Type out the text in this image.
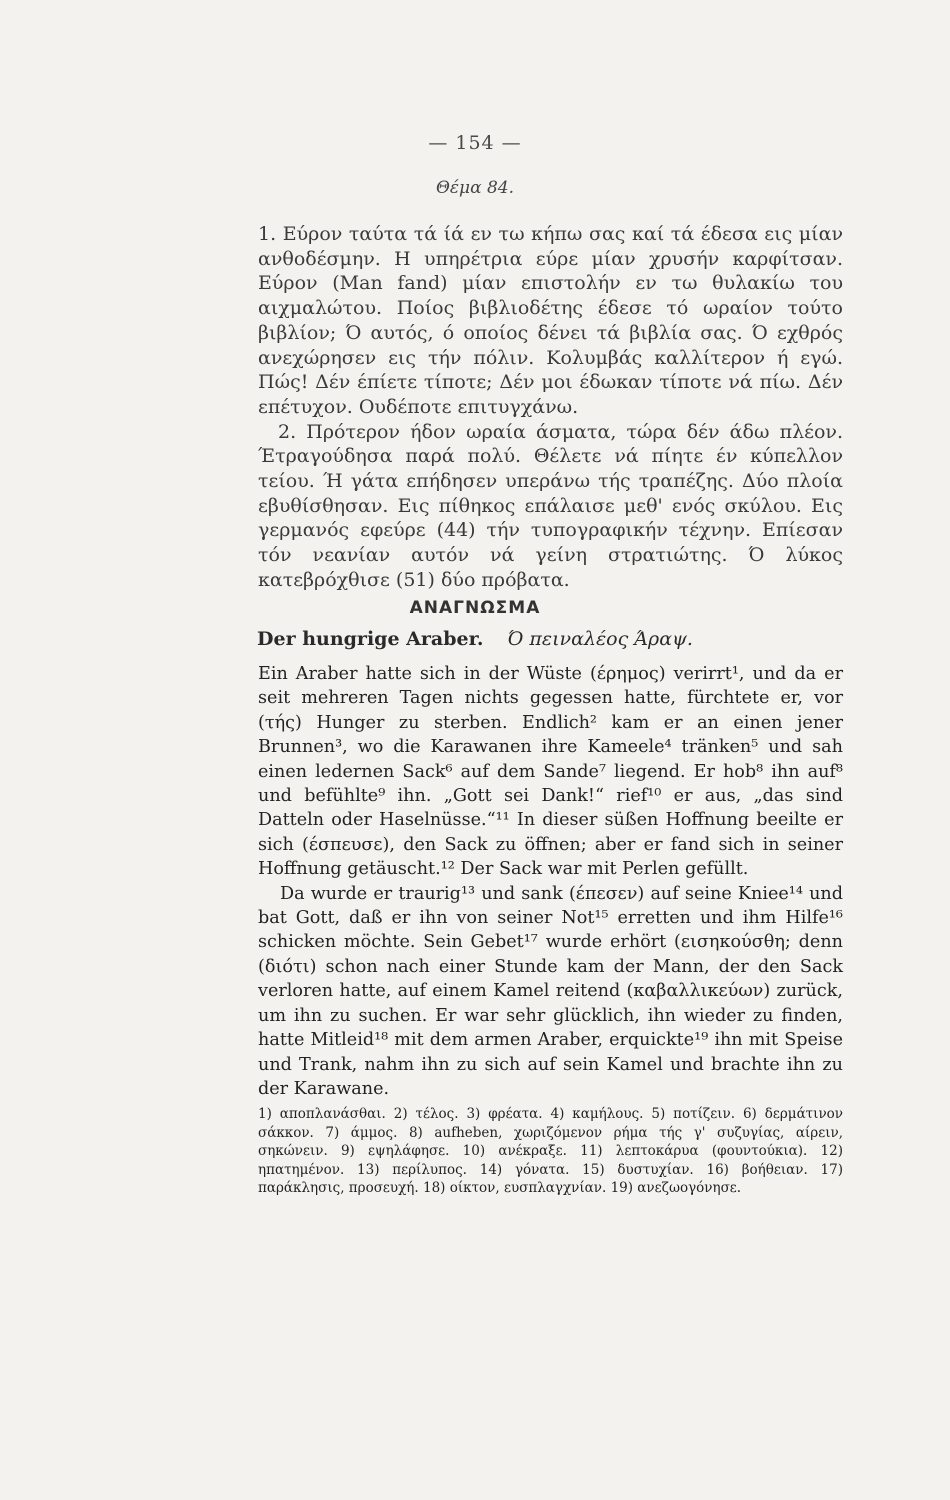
— 154 —
Θέμα 84.

1. Εύρον ταύτα τά ίά εν τω κήπω σας καί τά έδεσα εις μίαν ανθοδέσμην. Η υπηρέτρια εύρε μίαν χρυσήν καρφίτσαν. Εύρον (Man fand) μίαν επιστολήν εν τω θυλακίω του αιχμαλώτου. Ποίος βιβλιοδέτης έδεσε τό ωραίον τούτο βιβλίον; Ό αυτός, ό οποίος δένει τά βιβλία σας. Ό εχθρός ανεχώρησεν εις τήν πόλιν. Κολυμβάς καλλίτερον ή εγώ. Πώς! Δέν έπίετε τίποτε; Δέν μοι έδωκαν τίποτε νά πίω. Δέν επέτυχον. Ουδέποτε επιτυγχάνω.

2. Πρότερον ήδον ωραία άσματα, τώρα δέν άδω πλέον. Έτραγούδησα παρά πολύ. Θέλετε νά πίητε έν κύπελλον τείου. Ή γάτα επήδησεν υπεράνω τής τραπέζης. Δύο πλοία εβυθίσθησαν. Εις πίθηκος επάλαισε μεθ' ενός σκύλου. Εις γερμανός εφεύρε (44) τήν τυπογραφικήν τέχνην. Επίεσαν τόν νεανίαν αυτόν νά γείνη στρατιώτης. Ό λύκος κατεβρόχθισε (51) δύο πρόβατα.

ΑΝΑΓΝΩΣΜΑ
Der hungrige Araber. Ό πειναλέος Άραψ.

Ein Araber hatte sich in der Wüste (έρημος) verirrt¹, und da er seit mehreren Tagen nichts gegessen hatte, fürchtete er, vor (τής) Hunger zu sterben. Endlich² kam er an einen jener Brunnen³, wo die Karawanen ihre Kameele⁴ tränken⁵ und sah einen ledernen Sack⁶ auf dem Sande⁷ liegend. Er hob⁸ ihn auf⁸ und befühlte⁹ ihn. „Gott sei Dank!“ rief¹⁰ er aus, „das sind Datteln oder Haselnüsse.“¹¹ In dieser süßen Hoffnung beeilte er sich (έσπευσε), den Sack zu öffnen; aber er fand sich in seiner Hoffnung getäuscht.¹² Der Sack war mit Perlen gefüllt.

Da wurde er traurig¹³ und sank (έπεσεν) auf seine Kniee¹⁴ und bat Gott, daß er ihn von seiner Not¹⁵ erretten und ihm Hilfe¹⁶ schicken möchte. Sein Gebet¹⁷ wurde erhört (εισηκούσθη; denn (διότι) schon nach einer Stunde kam der Mann, der den Sack verloren hatte, auf einem Kamel reitend (καβαλλικεύων) zurück, um ihn zu suchen. Er war sehr glücklich, ihn wieder zu finden, hatte Mitleid¹⁸ mit dem armen Araber, erquickte¹⁹ ihn mit Speise und Trank, nahm ihn zu sich auf sein Kamel und brachte ihn zu der Karawane.

1) αποπλανάσθαι. 2) τέλος. 3) φρέατα. 4) καμήλους. 5) ποτίζειν. 6) δερμάτινον σάκκον. 7) άμμος. 8) aufheben, χωριζόμενον ρήμα τής γ' συζυγίας, αίρειν, σηκώνειν. 9) εψηλάφησε. 10) ανέκραξε. 11) λεπτοκάρυα (φουντούκια). 12) ηπατημένον. 13) περίλυπος. 14) γόνατα. 15) δυστυχίαν. 16) βοήθειαν. 17) παράκλησις, προσευχή. 18) οίκτον, ευσπλαγχνίαν. 19) ανεζωογόνησε.
